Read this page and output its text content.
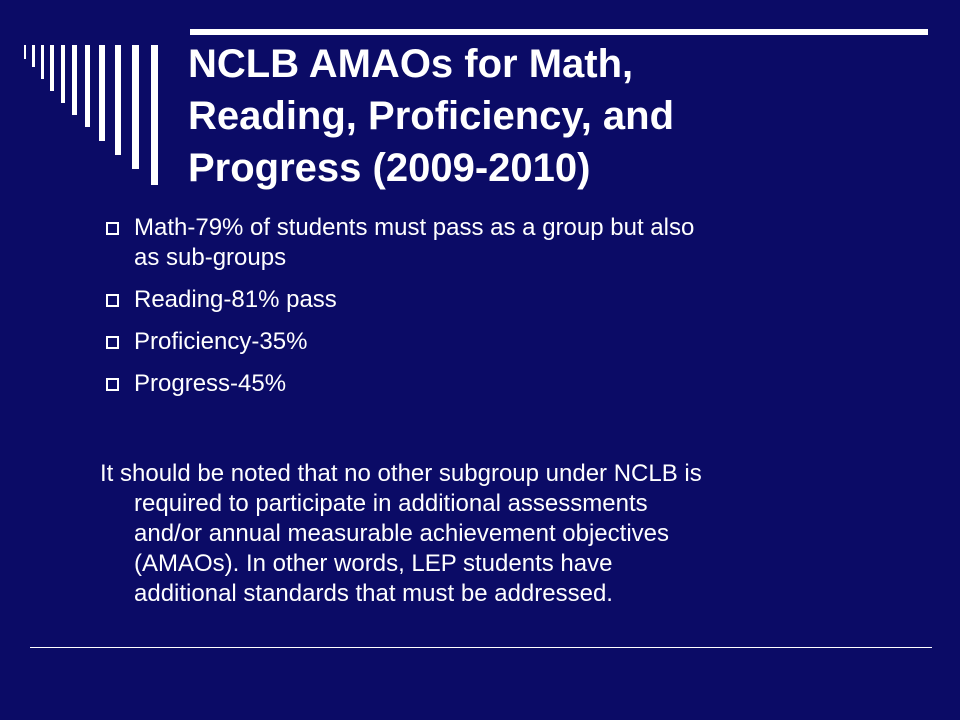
NCLB AMAOs for Math,
Reading, Proficiency, and
Progress (2009-2010)
Math-79% of students must pass as a group but also
as sub-groups
Reading-81% pass
Proficiency-35%
Progress-45%

It should be noted that no other subgroup under NCLB is
required to participate in additional assessments
and/or annual measurable achievement objectives
(AMAOs). In other words, LEP students have
additional standards that must be addressed.
